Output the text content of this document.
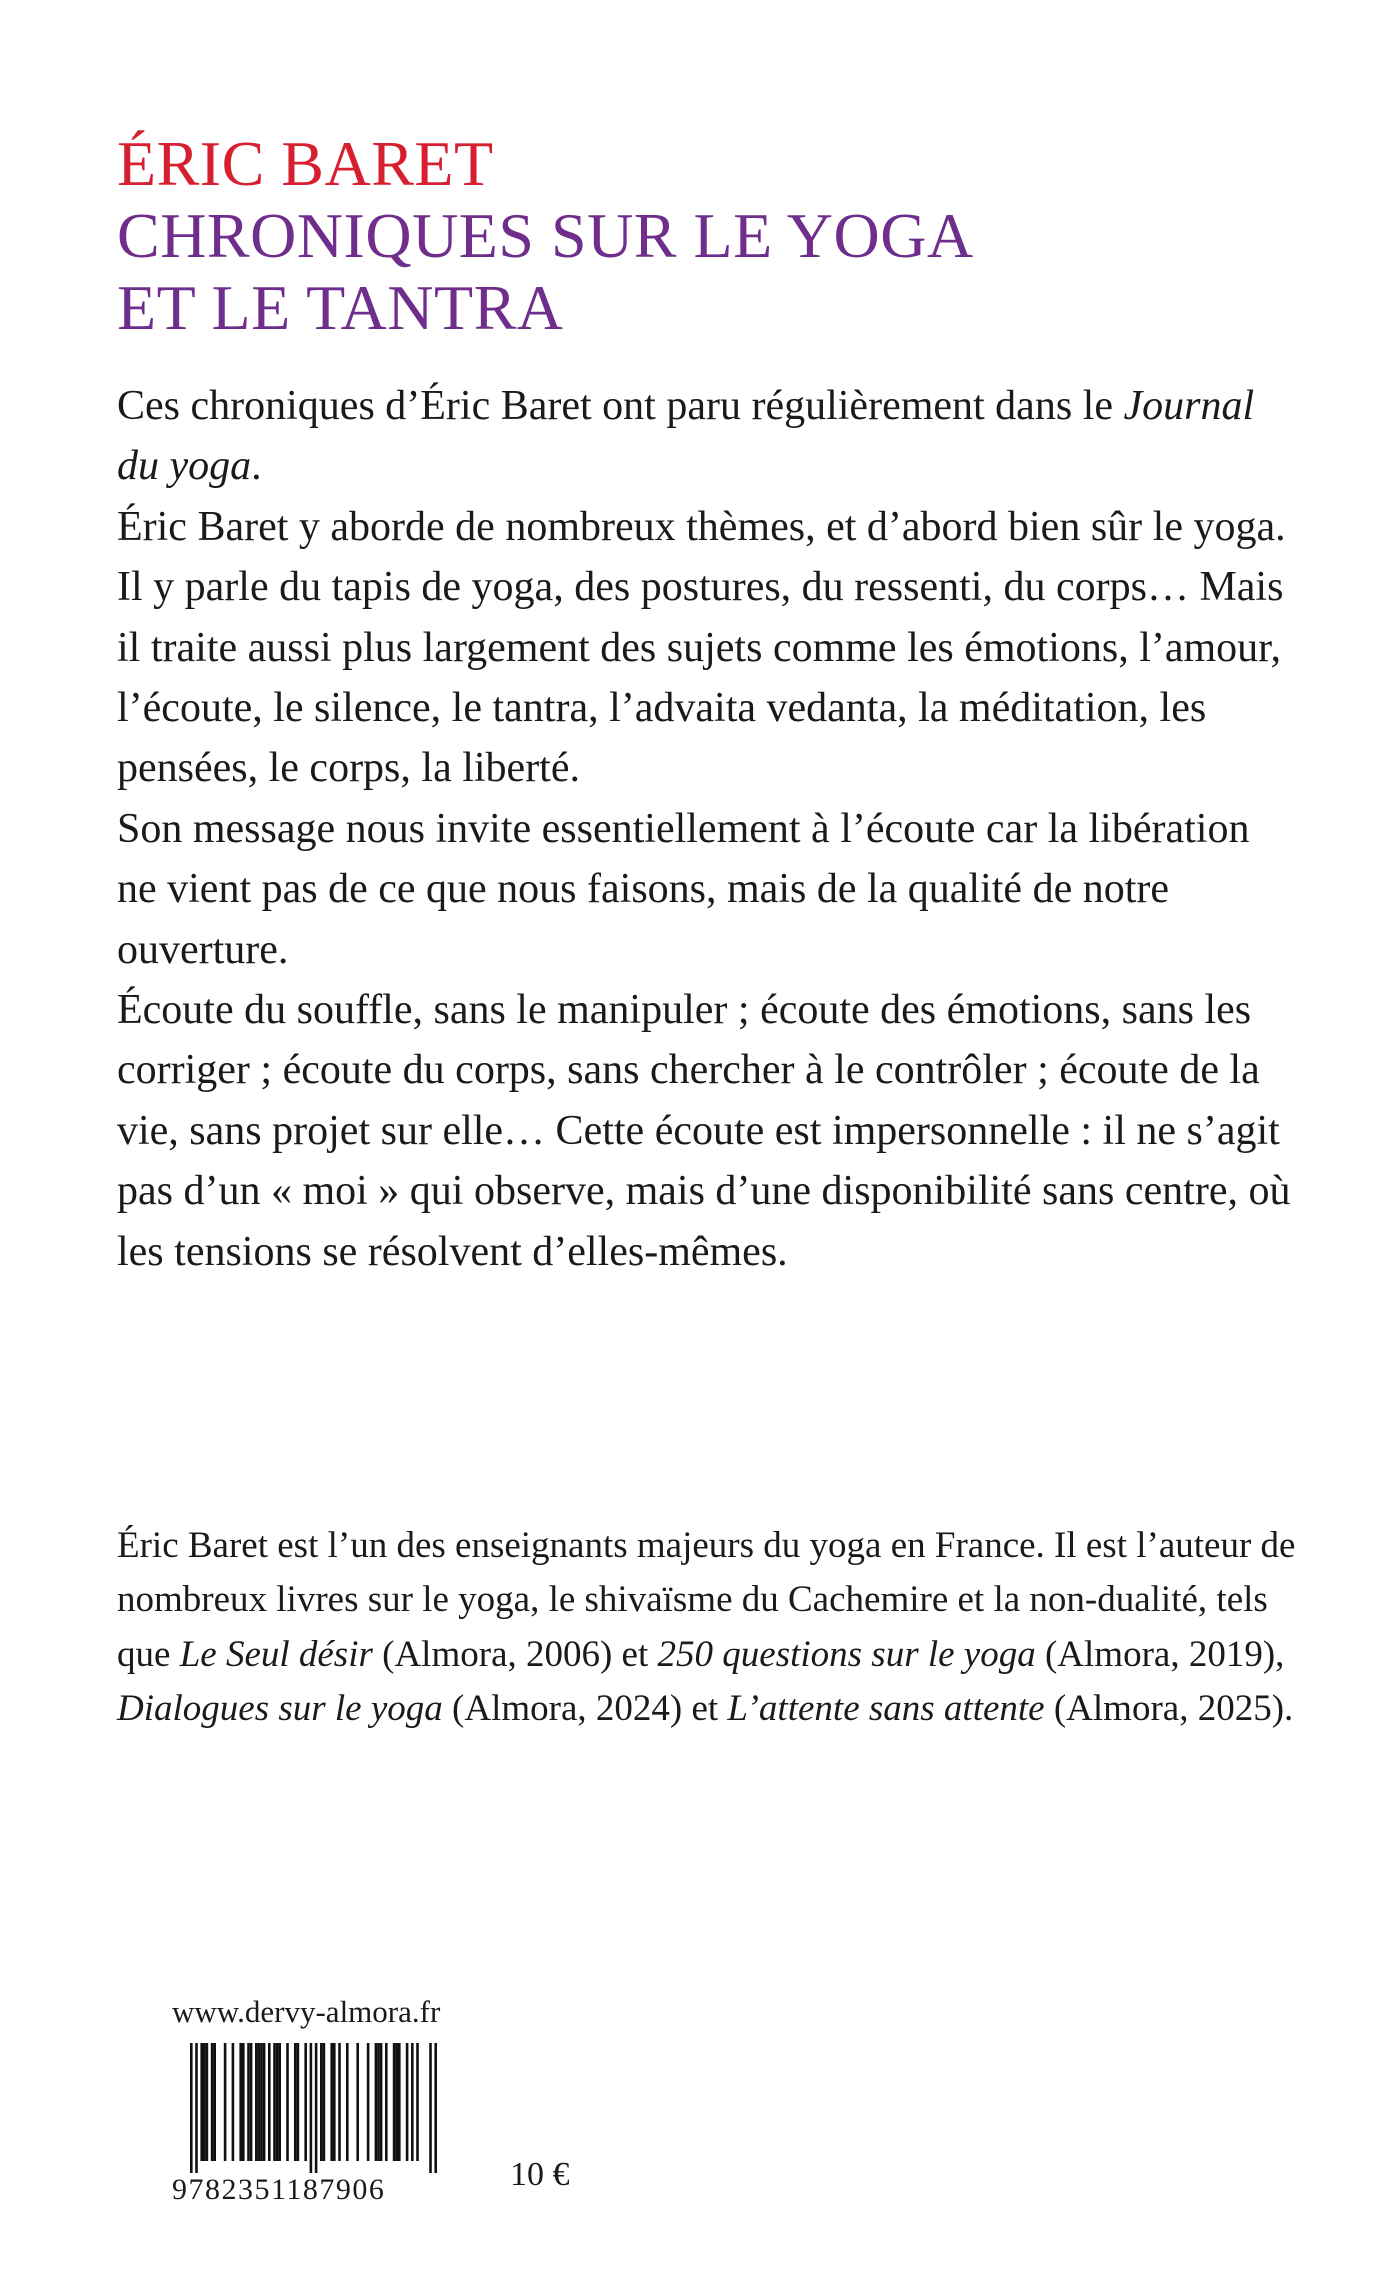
ÉRIC BARET
CHRONIQUES SUR LE YOGA
ET LE TANTRA

Ces chroniques d’Éric Baret ont paru régulièrement dans le Journal du yoga.

Éric Baret y aborde de nombreux thèmes, et d’abord bien sûr le yoga. Il y parle du tapis de yoga, des postures, du ressenti, du corps… Mais il traite aussi plus largement des sujets comme les émotions, l’amour, l’écoute, le silence, le tantra, l’advaita vedanta, la méditation, les pensées, le corps, la liberté.

Son message nous invite essentiellement à l’écoute car la libération ne vient pas de ce que nous faisons, mais de la qualité de notre ouverture.

Écoute du souffle, sans le manipuler ; écoute des émotions, sans les corriger ; écoute du corps, sans chercher à le contrôler ; écoute de la vie, sans projet sur elle… Cette écoute est impersonnelle : il ne s’agit pas d’un « moi » qui observe, mais d’une disponibilité sans centre, où les tensions se résolvent d’elles-mêmes.

Éric Baret est l’un des enseignants majeurs du yoga en France. Il est l’auteur de nombreux livres sur le yoga, le shivaïsme du Cachemire et la non-dualité, tels que Le Seul désir (Almora, 2006) et 250 questions sur le yoga (Almora, 2019), Dialogues sur le yoga (Almora, 2024) et L’attente sans attente (Almora, 2025).

www.dervy-almora.fr
9782351187906	10 €
